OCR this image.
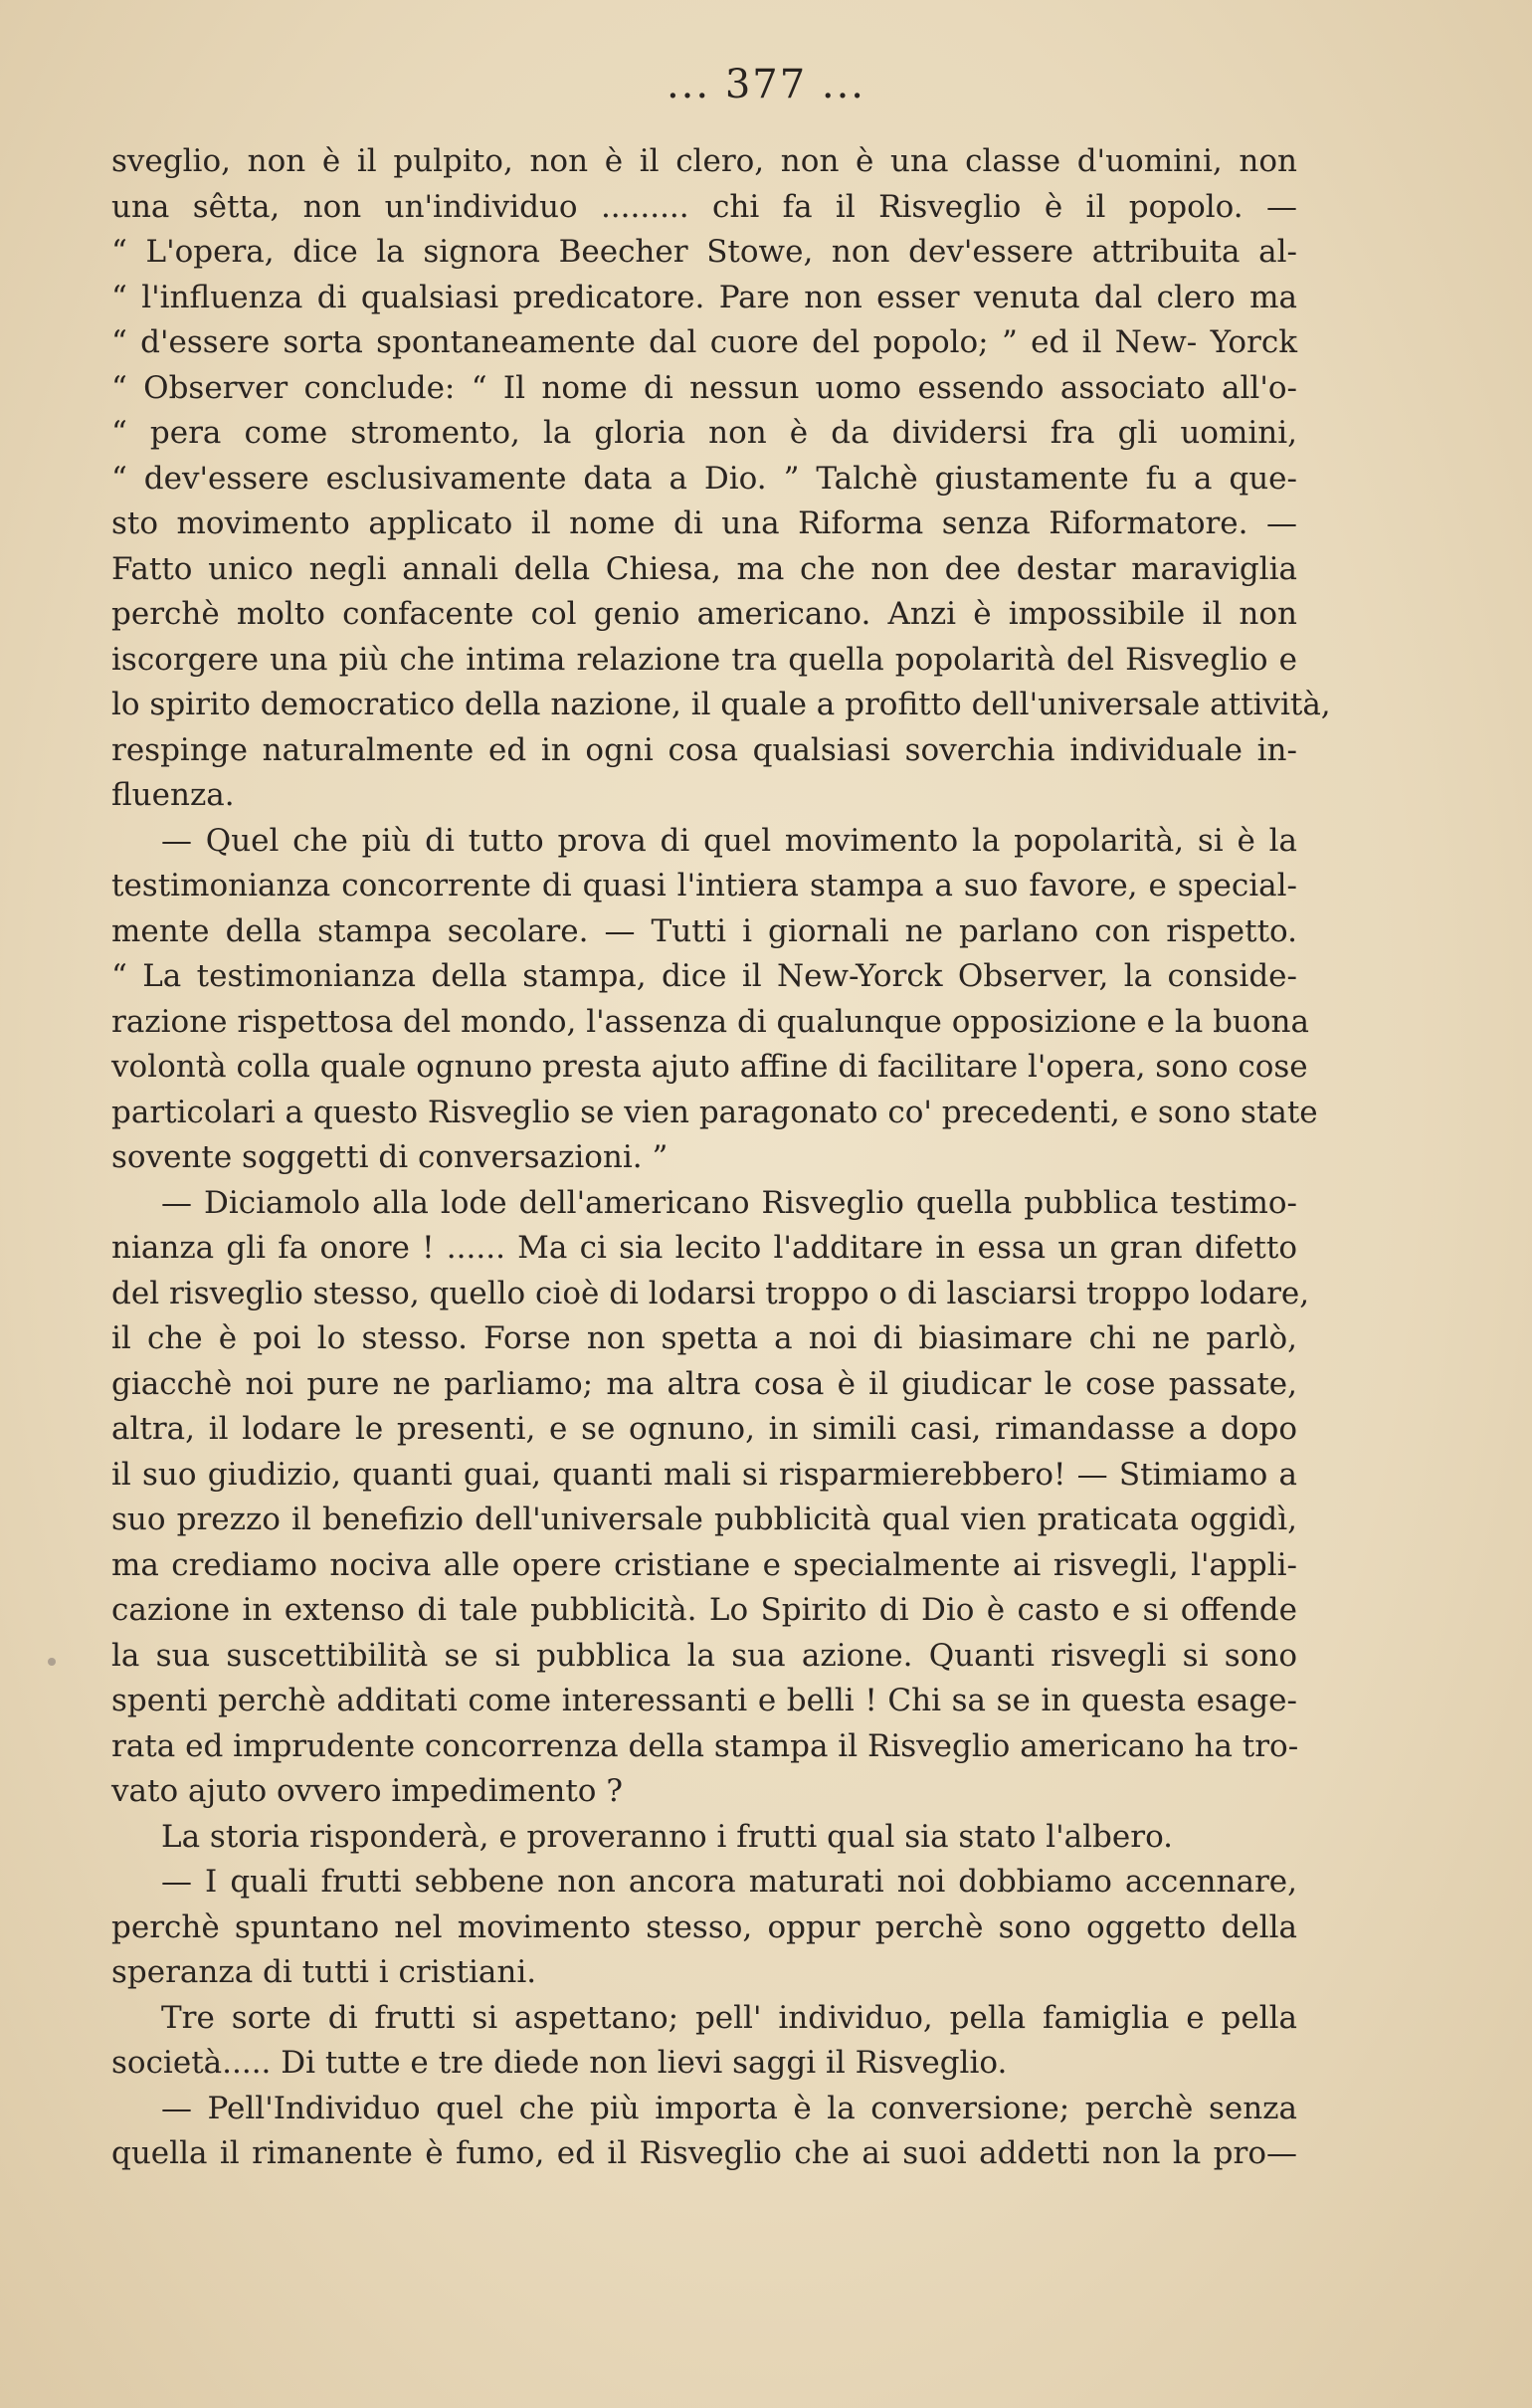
... 377 ...
sveglio, non è il pulpito, non è il clero, non è una classe d'uomini, non
una sêtta, non un'individuo ......... chi fa il Risveglio è il popolo. —
“ L'opera, dice la signora Beecher Stowe, non dev'essere attribuita al-
“ l'influenza di qualsiasi predicatore. Pare non esser venuta dal clero ma
“ d'essere sorta spontaneamente dal cuore del popolo; ” ed il New- Yorck
“ Observer conclude: “ Il nome di nessun uomo essendo associato all'o-
“ pera come stromento, la gloria non è da dividersi fra gli uomini,
“ dev'essere esclusivamente data a Dio. ” Talchè giustamente fu a que-
sto movimento applicato il nome di una Riforma senza Riformatore. —
Fatto unico negli annali della Chiesa, ma che non dee destar maraviglia
perchè molto confacente col genio americano. Anzi è impossibile il non
iscorgere una più che intima relazione tra quella popolarità del Risveglio e
lo spirito democratico della nazione, il quale a profitto dell'universale attività,
respinge naturalmente ed in ogni cosa qualsiasi soverchia individuale in-
fluenza.
— Quel che più di tutto prova di quel movimento la popolarità, si è la
testimonianza concorrente di quasi l'intiera stampa a suo favore, e special-
mente della stampa secolare. — Tutti i giornali ne parlano con rispetto.
“ La testimonianza della stampa, dice il New-Yorck Observer, la conside-
razione rispettosa del mondo, l'assenza di qualunque opposizione e la buona
volontà colla quale ognuno presta ajuto affine di facilitare l'opera, sono cose
particolari a questo Risveglio se vien paragonato co' precedenti, e sono state
sovente soggetti di conversazioni. ”
— Diciamolo alla lode dell'americano Risveglio quella pubblica testimo-
nianza gli fa onore ! ...... Ma ci sia lecito l'additare in essa un gran difetto
del risveglio stesso, quello cioè di lodarsi troppo o di lasciarsi troppo lodare,
il che è poi lo stesso. Forse non spetta a noi di biasimare chi ne parlò,
giacchè noi pure ne parliamo; ma altra cosa è il giudicar le cose passate,
altra, il lodare le presenti, e se ognuno, in simili casi, rimandasse a dopo
il suo giudizio, quanti guai, quanti mali si risparmierebbero! — Stimiamo a
suo prezzo il benefizio dell'universale pubblicità qual vien praticata oggidì,
ma crediamo nociva alle opere cristiane e specialmente ai risvegli, l'appli-
cazione in extenso di tale pubblicità. Lo Spirito di Dio è casto e si offende
la sua suscettibilità se si pubblica la sua azione. Quanti risvegli si sono
spenti perchè additati come interessanti e belli ! Chi sa se in questa esage-
rata ed imprudente concorrenza della stampa il Risveglio americano ha tro-
vato ajuto ovvero impedimento ?
La storia risponderà, e proveranno i frutti qual sia stato l'albero.
— I quali frutti sebbene non ancora maturati noi dobbiamo accennare,
perchè spuntano nel movimento stesso, oppur perchè sono oggetto della
speranza di tutti i cristiani.
Tre sorte di frutti si aspettano; pell' individuo, pella famiglia e pella
società..... Di tutte e tre diede non lievi saggi il Risveglio.
— Pell'Individuo quel che più importa è la conversione; perchè senza
quella il rimanente è fumo, ed il Risveglio che ai suoi addetti non la pro—
